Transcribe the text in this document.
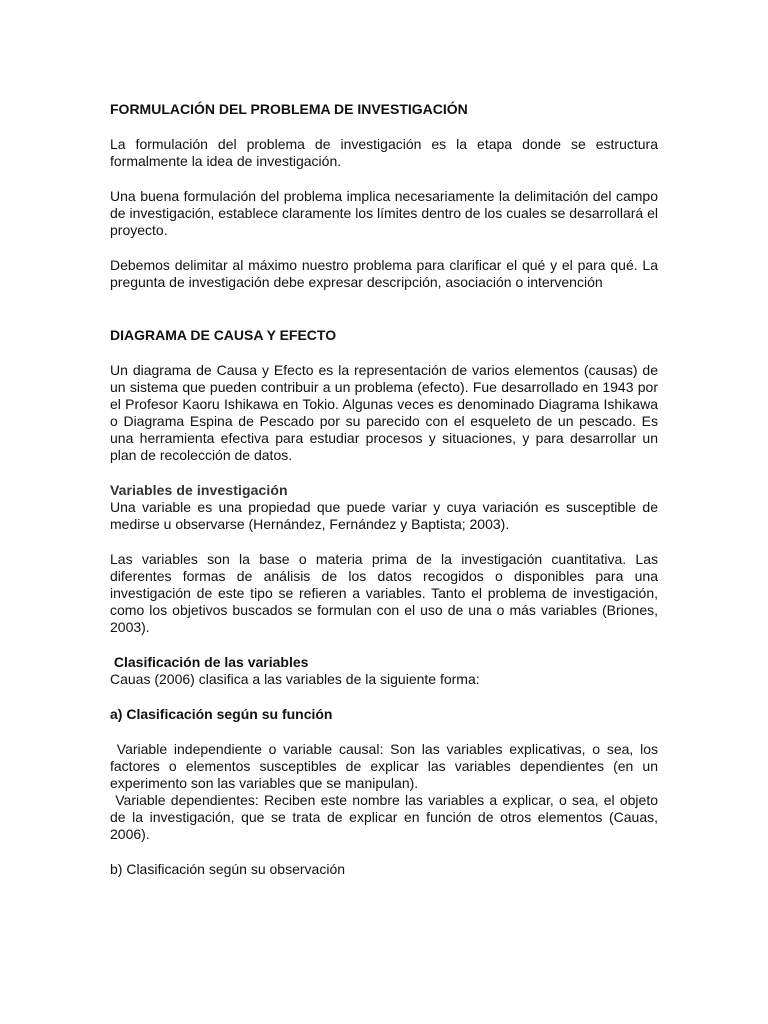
FORMULACIÓN DEL PROBLEMA DE INVESTIGACIÓN

La formulación del problema de investigación es la etapa donde se estructura formalmente la idea de investigación.

Una buena formulación del problema implica necesariamente la delimitación del campo de investigación, establece claramente los límites dentro de los cuales se desarrollará el proyecto.

Debemos delimitar al máximo nuestro problema para clarificar el qué y el para qué. La pregunta de investigación debe expresar descripción, asociación o intervención

DIAGRAMA DE CAUSA Y EFECTO

Un diagrama de Causa y Efecto es la representación de varios elementos (causas) de un sistema que pueden contribuir a un problema (efecto). Fue desarrollado en 1943 por el Profesor Kaoru Ishikawa en Tokio. Algunas veces es denominado Diagrama Ishikawa o Diagrama Espina de Pescado por su parecido con el esqueleto de un pescado. Es una herramienta efectiva para estudiar procesos y situaciones, y para desarrollar un plan de recolección de datos.

Variables de investigación

Una variable es una propiedad que puede variar y cuya variación es susceptible de medirse u observarse (Hernández, Fernández y Baptista; 2003).

Las variables son la base o materia prima de la investigación cuantitativa. Las diferentes formas de análisis de los datos recogidos o disponibles para una investigación de este tipo se refieren a variables. Tanto el problema de investigación, como los objetivos buscados se formulan con el uso de una o más variables (Briones, 2003).

Clasificación de las variables

Cauas (2006) clasifica a las variables de la siguiente forma:

a) Clasificación según su función

Variable independiente o variable causal: Son las variables explicativas, o sea, los factores o elementos susceptibles de explicar las variables dependientes (en un experimento son las variables que se manipulan).

Variable dependientes: Reciben este nombre las variables a explicar, o sea, el objeto de la investigación, que se trata de explicar en función de otros elementos (Cauas, 2006).

b) Clasificación según su observación
